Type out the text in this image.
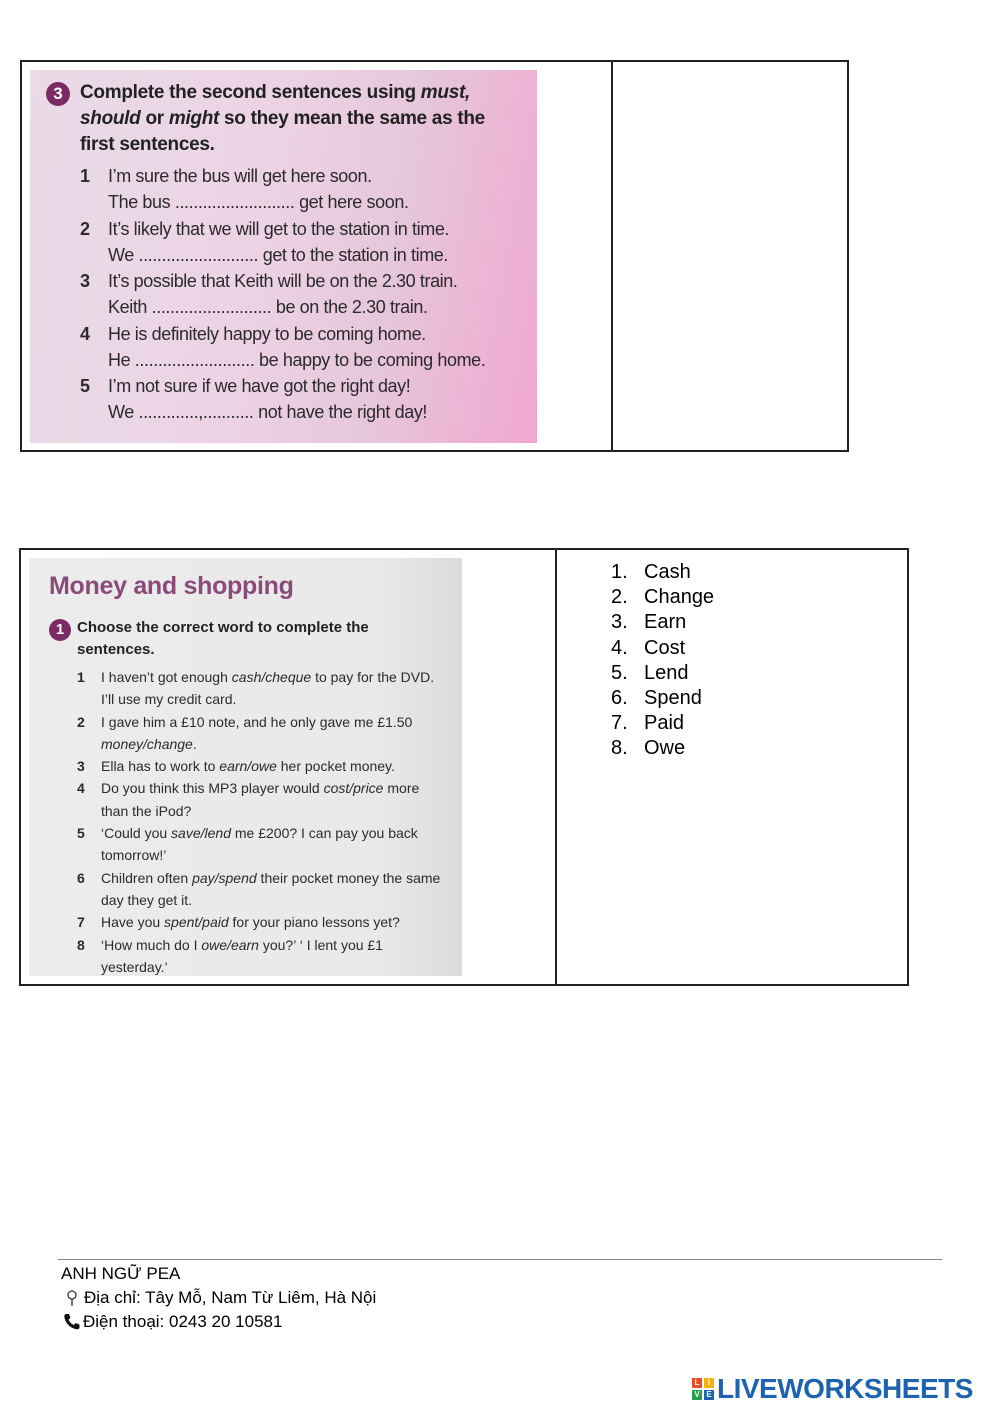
3 Complete the second sentences using must, should or might so they mean the same as the first sentences.
1 I’m sure the bus will get here soon.
The bus .......................... get here soon.
2 It’s likely that we will get to the station in time.
We .......................... get to the station in time.
3 It’s possible that Keith will be on the 2.30 train.
Keith .......................... be on the 2.30 train.
4 He is definitely happy to be coming home.
He .......................... be happy to be coming home.
5 I’m not sure if we have got the right day!
We .............,........... not have the right day!
Money and shopping
1 Choose the correct word to complete the sentences.
1	I haven’t got enough cash/cheque to pay for the DVD. I’ll use my credit card.
2	I gave him a £10 note, and he only gave me £1.50 money/change.
3	Ella has to work to earn/owe her pocket money.
4	Do you think this MP3 player would cost/price more than the iPod?
5	‘Could you save/lend me £200? I can pay you back tomorrow!’
6	Children often pay/spend their pocket money the same day they get it.
7	Have you spent/paid for your piano lessons yet?
8	‘How much do I owe/earn you?’ ‘ I lent you £1 yesterday.’
1. Cash
2. Change
3. Earn
4. Cost
5. Lend
6. Spend
7. Paid
8. Owe
ANH NGỮ PEA
Địa chỉ: Tây Mỗ, Nam Từ Liêm, Hà Nội
Điện thoại: 0243 20 10581
L	I
V E LIVEWORKSHEETS
